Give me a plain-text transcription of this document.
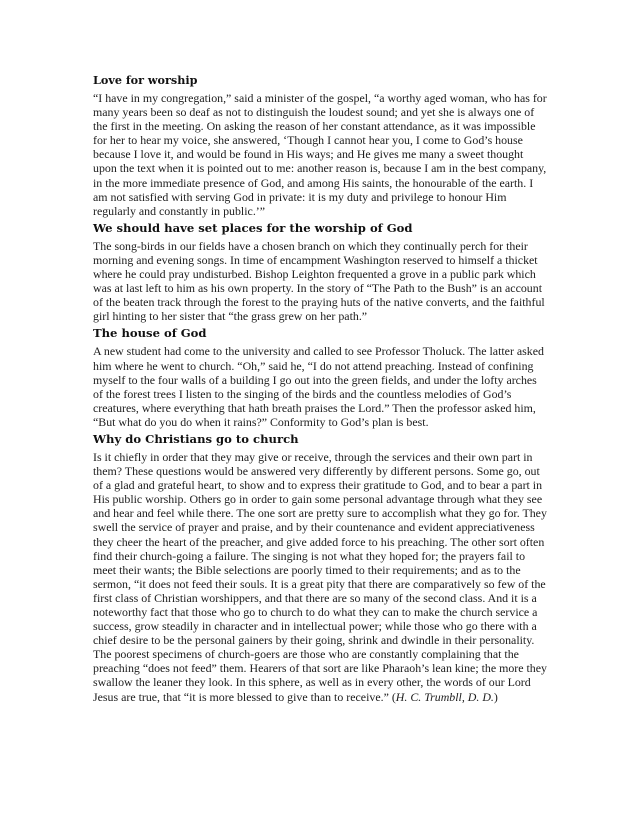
Love for worship

“I have in my congregation,” said a minister of the gospel, “a worthy aged woman, who has for many years been so deaf as not to distinguish the loudest sound; and yet she is always one of the first in the meeting. On asking the reason of her constant attendance, as it was impossible for her to hear my voice, she answered, ‘Though I cannot hear you, I come to God’s house because I love it, and would be found in His ways; and He gives me many a sweet thought upon the text when it is pointed out to me: another reason is, because I am in the best company, in the more immediate presence of God, and among His saints, the honourable of the earth. I am not satisfied with serving God in private: it is my duty and privilege to honour Him regularly and constantly in public.’”

We should have set places for the worship of God

The song-birds in our fields have a chosen branch on which they continually perch for their morning and evening songs. In time of encampment Washington reserved to himself a thicket where he could pray undisturbed. Bishop Leighton frequented a grove in a public park which was at last left to him as his own property. In the story of “The Path to the Bush” is an account of the beaten track through the forest to the praying huts of the native converts, and the faithful girl hinting to her sister that “the grass grew on her path.”

The house of God

A new student had come to the university and called to see Professor Tholuck. The latter asked him where he went to church. “Oh,” said he, “I do not attend preaching. Instead of confining myself to the four walls of a building I go out into the green fields, and under the lofty arches of the forest trees I listen to the singing of the birds and the countless melodies of God’s creatures, where everything that hath breath praises the Lord.” Then the professor asked him, “But what do you do when it rains?” Conformity to God’s plan is best.

Why do Christians go to church

Is it chiefly in order that they may give or receive, through the services and their own part in them? These questions would be answered very differently by different persons. Some go, out of a glad and grateful heart, to show and to express their gratitude to God, and to bear a part in His public worship. Others go in order to gain some personal advantage through what they see and hear and feel while there. The one sort are pretty sure to accomplish what they go for. They swell the service of prayer and praise, and by their countenance and evident appreciativeness they cheer the heart of the preacher, and give added force to his preaching. The other sort often find their church-going a failure. The singing is not what they hoped for; the prayers fail to meet their wants; the Bible selections are poorly timed to their requirements; and as to the sermon, “it does not feed their souls. It is a great pity that there are comparatively so few of the first class of Christian worshippers, and that there are so many of the second class. And it is a noteworthy fact that those who go to church to do what they can to make the church service a success, grow steadily in character and in intellectual power; while those who go there with a chief desire to be the personal gainers by their going, shrink and dwindle in their personality. The poorest specimens of church-goers are those who are constantly complaining that the preaching “does not feed” them. Hearers of that sort are like Pharaoh’s lean kine; the more they swallow the leaner they look. In this sphere, as well as in every other, the words of our Lord Jesus are true, that “it is more blessed to give than to receive.” (H. C. Trumbll, D. D.)
